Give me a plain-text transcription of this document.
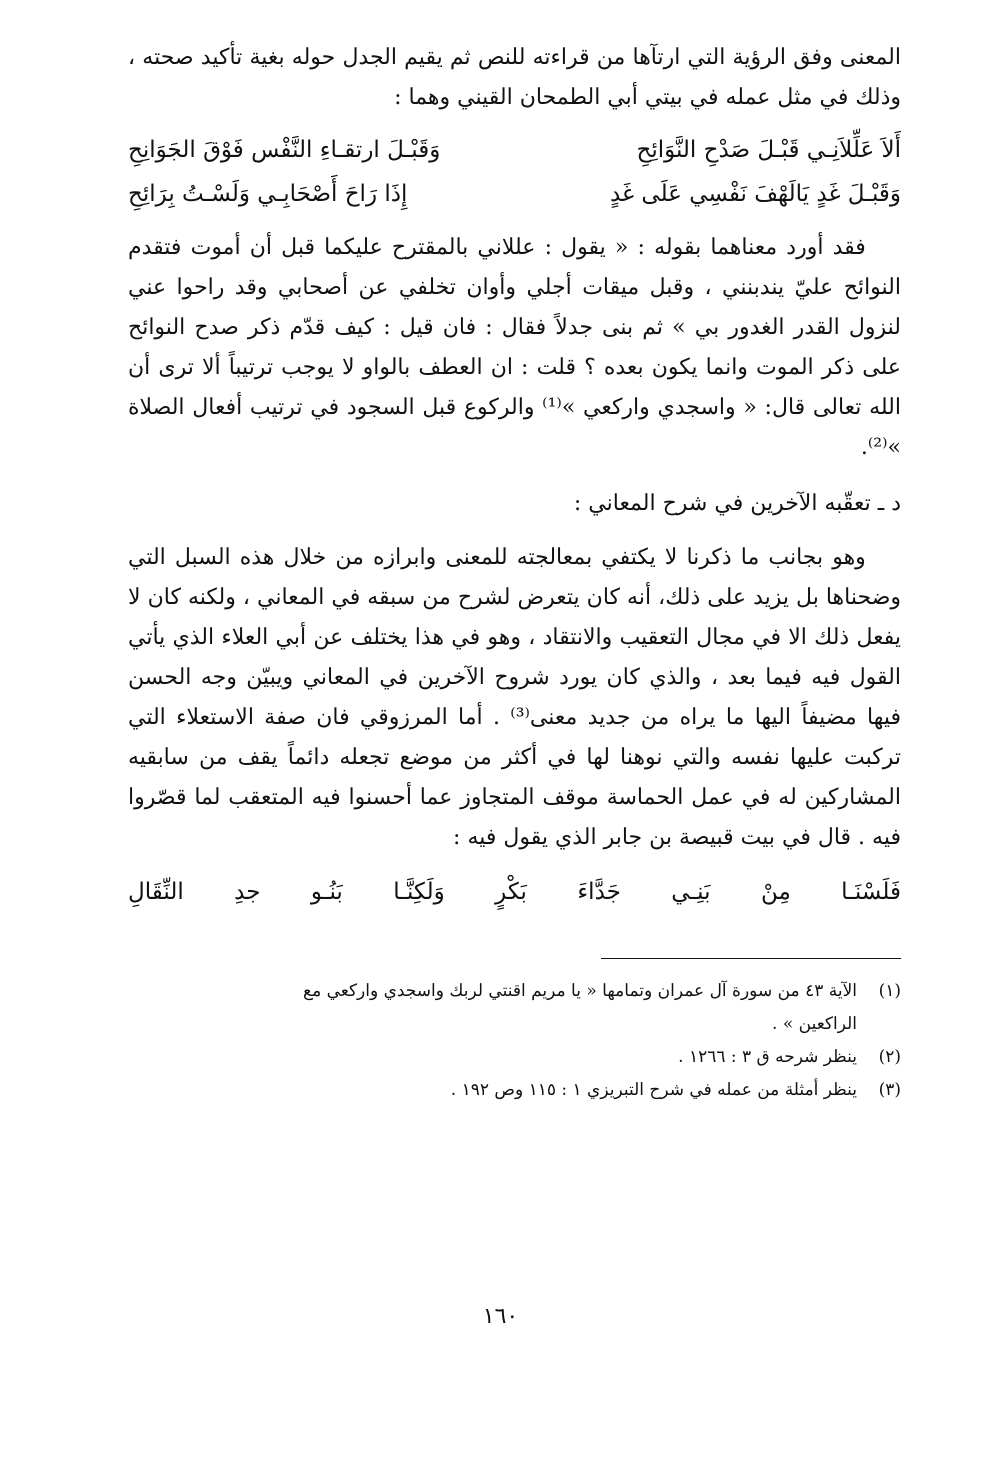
المعنى وفق الرؤية التي ارتآها من قراءته للنص ثم يقيم الجدل حوله بغية تأكيد صحته ، وذلك في مثل عمله في بيتي أبي الطمحان القيني وهما :

أَلاَ عَلِّلاَنِـي قَبْـلَ صَدْحِ النَّوَائِحِ
وَقَبْـلَ ارتقـاءِ النَّفْس فَوْقَ الجَوَانِحِ
وَقَبْـلَ غَدٍ يَالَهْفَ نَفْسِي عَلَى غَدٍ
إِذَا رَاحَ أَصْحَابِـي وَلَسْـتُ بِرَائِحِ

فقد أورد معناهما بقوله : « يقول : عللاني بالمقترح عليكما قبل أن أموت فتقدم النوائح عليّ يندبنني ، وقبل ميقات أجلي وأوان تخلفي عن أصحابي وقد راحوا عني لنزول القدر الغدور بي » ثم بنى جدلاً فقال : فان قيل : كيف قدّم ذكر صدح النوائح على ذكر الموت وانما يكون بعده ؟ قلت : ان العطف بالواو لا يوجب ترتيباً ألا ترى أن الله تعالى قال: « واسجدي واركعي »⁽¹⁾ والركوع قبل السجود في ترتيب أفعال الصلاة »⁽²⁾.

د ـ تعقّبه الآخرين في شرح المعاني :

وهو بجانب ما ذكرنا لا يكتفي بمعالجته للمعنى وابرازه من خلال هذه السبل التي وضحناها بل يزيد على ذلك، أنه كان يتعرض لشرح من سبقه في المعاني ، ولكنه كان لا يفعل ذلك الا في مجال التعقيب والانتقاد ، وهو في هذا يختلف عن أبي العلاء الذي يأتي القول فيه فيما بعد ، والذي كان يورد شروح الآخرين في المعاني ويبيّن وجه الحسن فيها مضيفاً اليها ما يراه من جديد معنى⁽³⁾ . أما المرزوقي فان صفة الاستعلاء التي تركبت عليها نفسه والتي نوهنا لها في أكثر من موضع تجعله دائماً يقف من سابقيه المشاركين له في عمل الحماسة موقف المتجاوز عما أحسنوا فيه المتعقب لما قصّروا فيه . قال في بيت قبيصة بن جابر الذي يقول فيه :

فَلَسْنَـا
مِنْ
بَنِـي
جَدَّاءَ
بَكْرٍ
وَلَكِنَّـا
بَنُـو
جدِ
النِّقَالِ
(١)
الآية ٤٣ من سورة آل عمران وتمامها « يا مريم اقنتي لربك واسجدي واركعي مع
الراكعين » .
(٢)
ينظر شرحه ق ٣ : ١٢٦٦ .
(٣)
ينظر أمثلة من عمله في شرح التبريزي ١ : ١١٥ وص ١٩٢ .
١٦٠
